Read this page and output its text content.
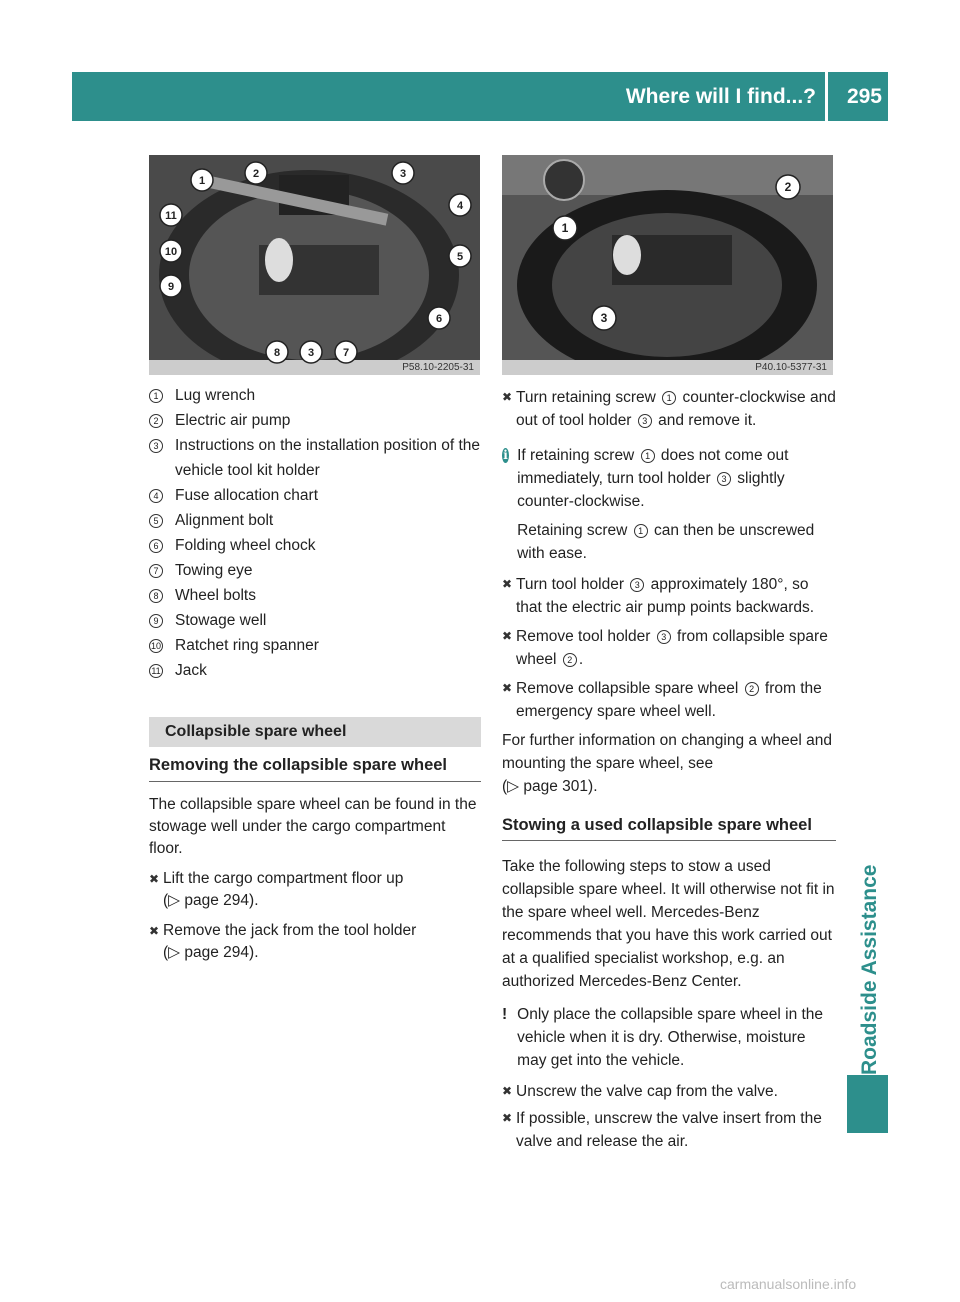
Where will I find...? 295
Roadside Assistance
1
2	3
4
11
10	5
9
6
8	3	7
P58.10-2205-31
1
2
3
P40.10-5377-31
1 Lug wrench
2 Electric air pump
3 Instructions on the installation position of the vehicle tool kit holder
4 Fuse allocation chart
5 Alignment bolt
6 Folding wheel chock
7 Towing eye
8 Wheel bolts
9 Stowage well
10 Ratchet ring spanner
11 Jack
Collapsible spare wheel
Removing the collapsible spare wheel

The collapsible spare wheel can be found in the stowage well under the cargo compartment floor.

✖ Lift the cargo compartment floor up
(▷ page 294).
✖ Remove the jack from the tool holder
(▷ page 294).
✖ Turn retaining screw 1 counter-clockwise and out of tool holder 3 and remove it.
i If retaining screw 1 does not come out immediately, turn tool holder 3 slightly counter-clockwise.
Retaining screw 1 can then be unscrewed with ease.
✖ Turn tool holder 3 approximately 180°, so that the electric air pump points backwards.
✖ Remove tool holder 3 from collapsible spare wheel 2 .
✖ Remove collapsible spare wheel 2 from the emergency spare wheel well.

For further information on changing a wheel and mounting the spare wheel, see
(▷ page 301).

Stowing a used collapsible spare wheel

Take the following steps to stow a used collapsible spare wheel. It will otherwise not fit in the spare wheel well. Mercedes-Benz recommends that you have this work carried out at a qualified specialist workshop, e.g. an authorized Mercedes-Benz Center.

! Only place the collapsible spare wheel in the vehicle when it is dry. Otherwise, moisture may get into the vehicle.
✖ Unscrew the valve cap from the valve.
✖ If possible, unscrew the valve insert from the valve and release the air.
carmanualsonline.info
